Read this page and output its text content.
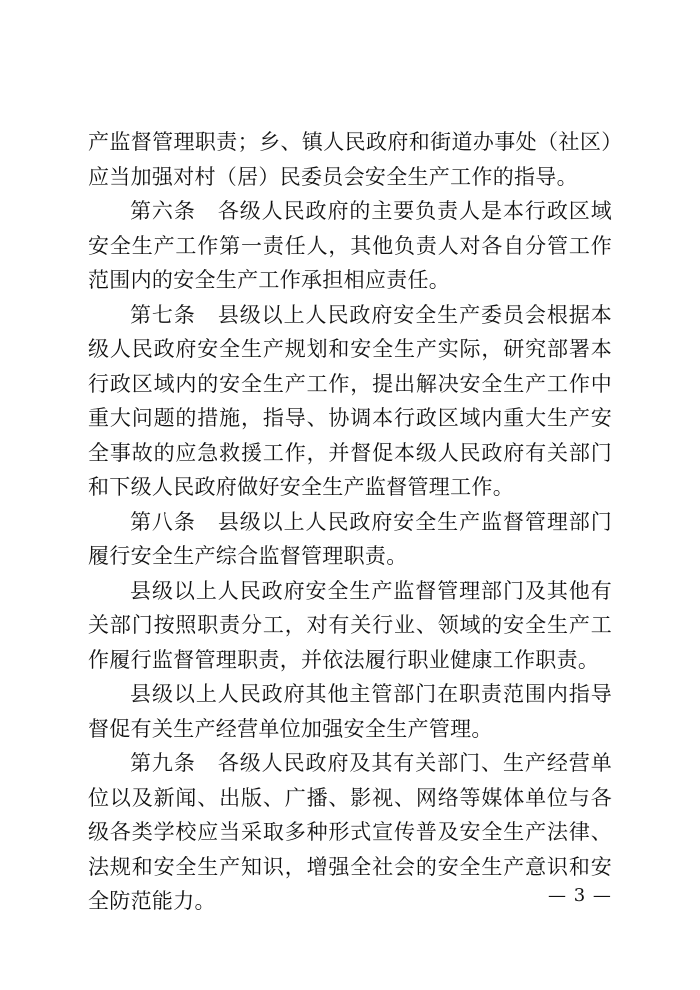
产监督管理职责；乡、镇人民政府和街道办事处（社区）应当加强对村（居）民委员会安全生产工作的指导。

第六条 各级人民政府的主要负责人是本行政区域安全生产工作第一责任人，其他负责人对各自分管工作范围内的安全生产工作承担相应责任。

第七条 县级以上人民政府安全生产委员会根据本级人民政府安全生产规划和安全生产实际，研究部署本行政区域内的安全生产工作，提出解决安全生产工作中重大问题的措施，指导、协调本行政区域内重大生产安全事故的应急救援工作，并督促本级人民政府有关部门和下级人民政府做好安全生产监督管理工作。

第八条 县级以上人民政府安全生产监督管理部门履行安全生产综合监督管理职责。

县级以上人民政府安全生产监督管理部门及其他有关部门按照职责分工，对有关行业、领域的安全生产工作履行监督管理职责，并依法履行职业健康工作职责。

县级以上人民政府其他主管部门在职责范围内指导督促有关生产经营单位加强安全生产管理。

第九条 各级人民政府及其有关部门、生产经营单位以及新闻、出版、广播、影视、网络等媒体单位与各级各类学校应当采取多种形式宣传普及安全生产法律、法规和安全生产知识，增强全社会的安全生产意识和安全防范能力。	— 3 —
